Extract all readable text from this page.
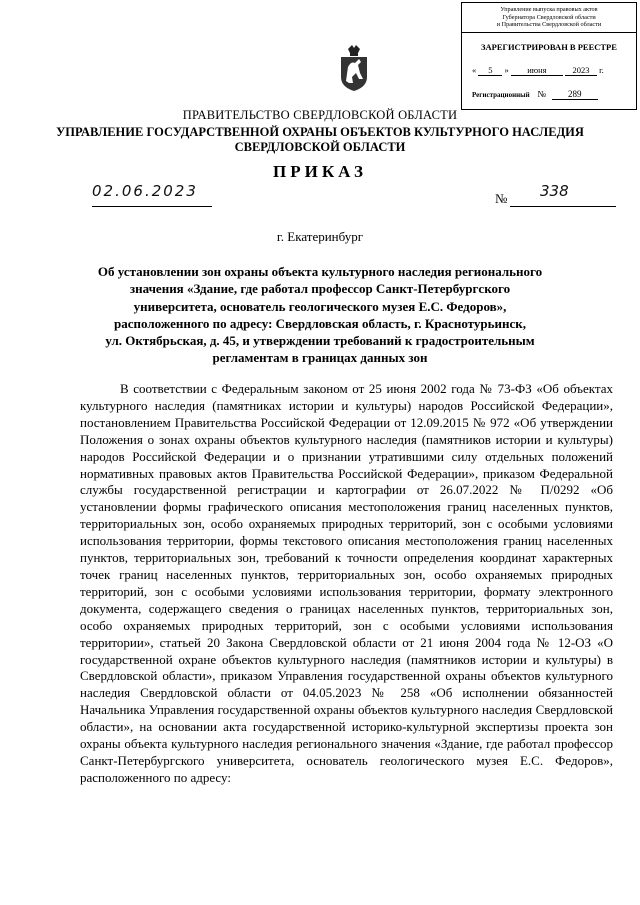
Управление выпуска правовых актов
Губернатора Свердловской области
и Правительства Свердловской области
ЗАРЕГИСТРИРОВАН В РЕЕСТРЕ
« 5 » июня	2023 г.
Регистрационный № 289
ПРАВИТЕЛЬСТВО СВЕРДЛОВСКОЙ ОБЛАСТИ
УПРАВЛЕНИЕ ГОСУДАРСТВЕННОЙ ОХРАНЫ ОБЪЕКТОВ КУЛЬТУРНОГО НАСЛЕДИЯ
СВЕРДЛОВСКОЙ ОБЛАСТИ
ПРИКАЗ
02.06.2023	№ 338
г. Екатеринбург
Об установлении зон охраны объекта культурного наследия регионального
значения «Здание, где работал профессор Санкт-Петербургского
университета, основатель геологического музея Е.С. Федоров»,
расположенного по адресу: Свердловская область, г. Краснотурьинск,
ул. Октябрьская, д. 45, и утверждении требований к градостроительным
регламентам в границах данных зон
В соответствии с Федеральным законом от 25 июня 2002 года № 73-ФЗ «Об объектах культурного наследия (памятниках истории и культуры) народов Российской Федерации», постановлением Правительства Российской Федерации от 12.09.2015 № 972 «Об утверждении Положения о зонах охраны объектов культурного наследия (памятников истории и культуры) народов Российской Федерации и о признании утратившими силу отдельных положений нормативных правовых актов Правительства Российской Федерации», приказом Федеральной службы государственной регистрации и картографии от 26.07.2022 № П/0292 «Об установлении формы графического описания местоположения границ населенных пунктов, территориальных зон, особо охраняемых природных территорий, зон с особыми условиями использования территории, формы текстового описания местоположения границ населенных пунктов, территориальных зон, требований к точности определения координат характерных точек границ населенных пунктов, территориальных зон, особо охраняемых природных территорий, зон с особыми условиями использования территории, формату электронного документа, содержащего сведения о границах населенных пунктов, территориальных зон, особо охраняемых природных территорий, зон с особыми условиями использования территории», статьей 20 Закона Свердловской области от 21 июня 2004 года № 12-ОЗ «О государственной охране объектов культурного наследия (памятников истории и культуры) в Свердловской области», приказом Управления государственной охраны объектов культурного наследия Свердловской области от 04.05.2023 № 258 «Об исполнении обязанностей Начальника Управления государственной охраны объектов культурного наследия Свердловской области», на основании акта государственной историко-культурной экспертизы проекта зон охраны объекта культурного наследия регионального значения «Здание, где работал профессор Санкт-Петербургского университета, основатель геологического музея Е.С. Федоров», расположенного по адресу:
